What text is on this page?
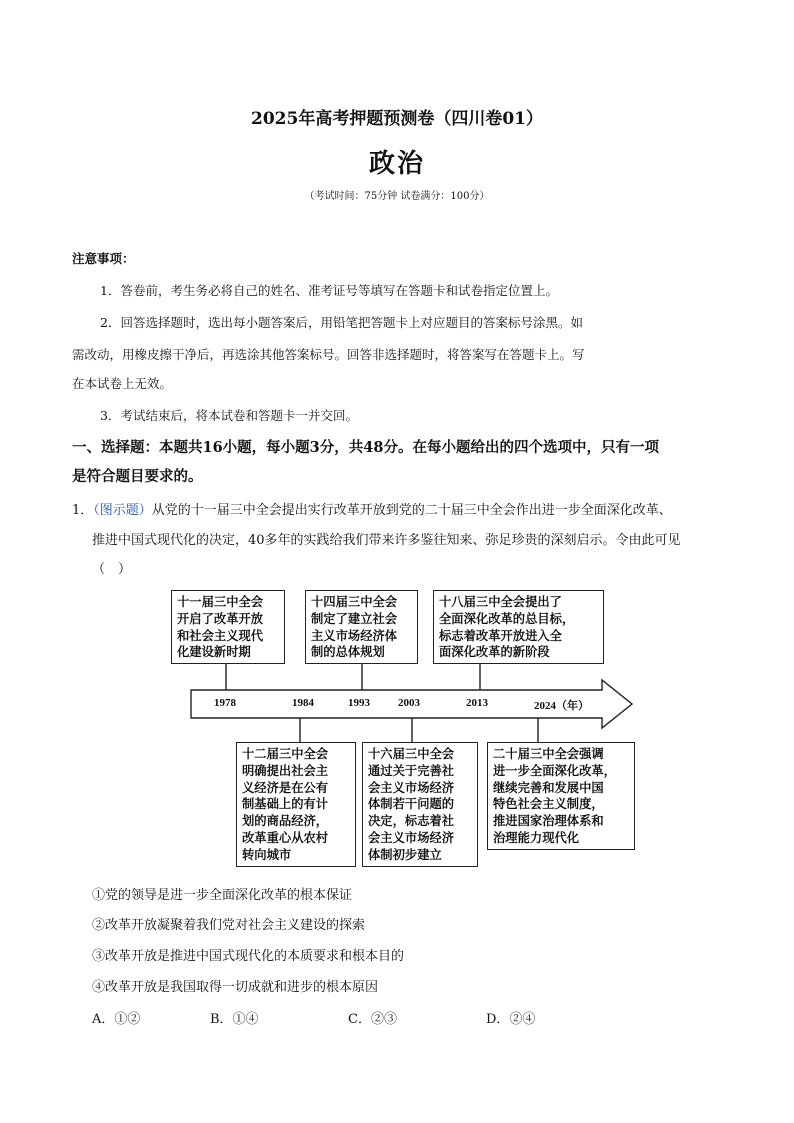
2025年高考押题预测卷（四川卷01）
政治
（考试时间：75分钟 试卷满分：100分）
注意事项：
1．答卷前，考生务必将自己的姓名、准考证号等填写在答题卡和试卷指定位置上。
2．回答选择题时，选出每小题答案后，用铅笔把答题卡上对应题目的答案标号涂黑。如
需改动，用橡皮擦干净后，再选涂其他答案标号。回答非选择题时，将答案写在答题卡上。写
在本试卷上无效。
3．考试结束后，将本试卷和答题卡一并交回。
一、选择题：本题共16小题，每小题3分，共48分。在每小题给出的四个选项中，只有一项
是符合题目要求的。
1．（图示题）从党的十一届三中全会提出实行改革开放到党的二十届三中全会作出进一步全面深化改革、
推进中国式现代化的决定，40多年的实践给我们带来许多鉴往知来、弥足珍贵的深刻启示。令由此可见
（　）
1978	1984	1993	2003	2013	2024（年）
十一届三中全会
开启了改革开放
和社会主义现代
化建设新时期
十四届三中全会
制定了建立社会
主义市场经济体
制的总体规划
十八届三中全会提出了
全面深化改革的总目标，
标志着改革开放进入全
面深化改革的新阶段
十二届三中全会
明确提出社会主
义经济是在公有
制基础上的有计
划的商品经济，
改革重心从农村
转向城市
十六届三中全会
通过关于完善社
会主义市场经济
体制若干问题的
决定，标志着社
会主义市场经济
体制初步建立
二十届三中全会强调
进一步全面深化改革，
继续完善和发展中国
特色社会主义制度，
推进国家治理体系和
治理能力现代化
①党的领导是进一步全面深化改革的根本保证
②改革开放凝聚着我们党对社会主义建设的探索
③改革开放是推进中国式现代化的本质要求和根本目的
④改革开放是我国取得一切成就和进步的根本原因
A．①②	B．①④	C．②③	D．②④
